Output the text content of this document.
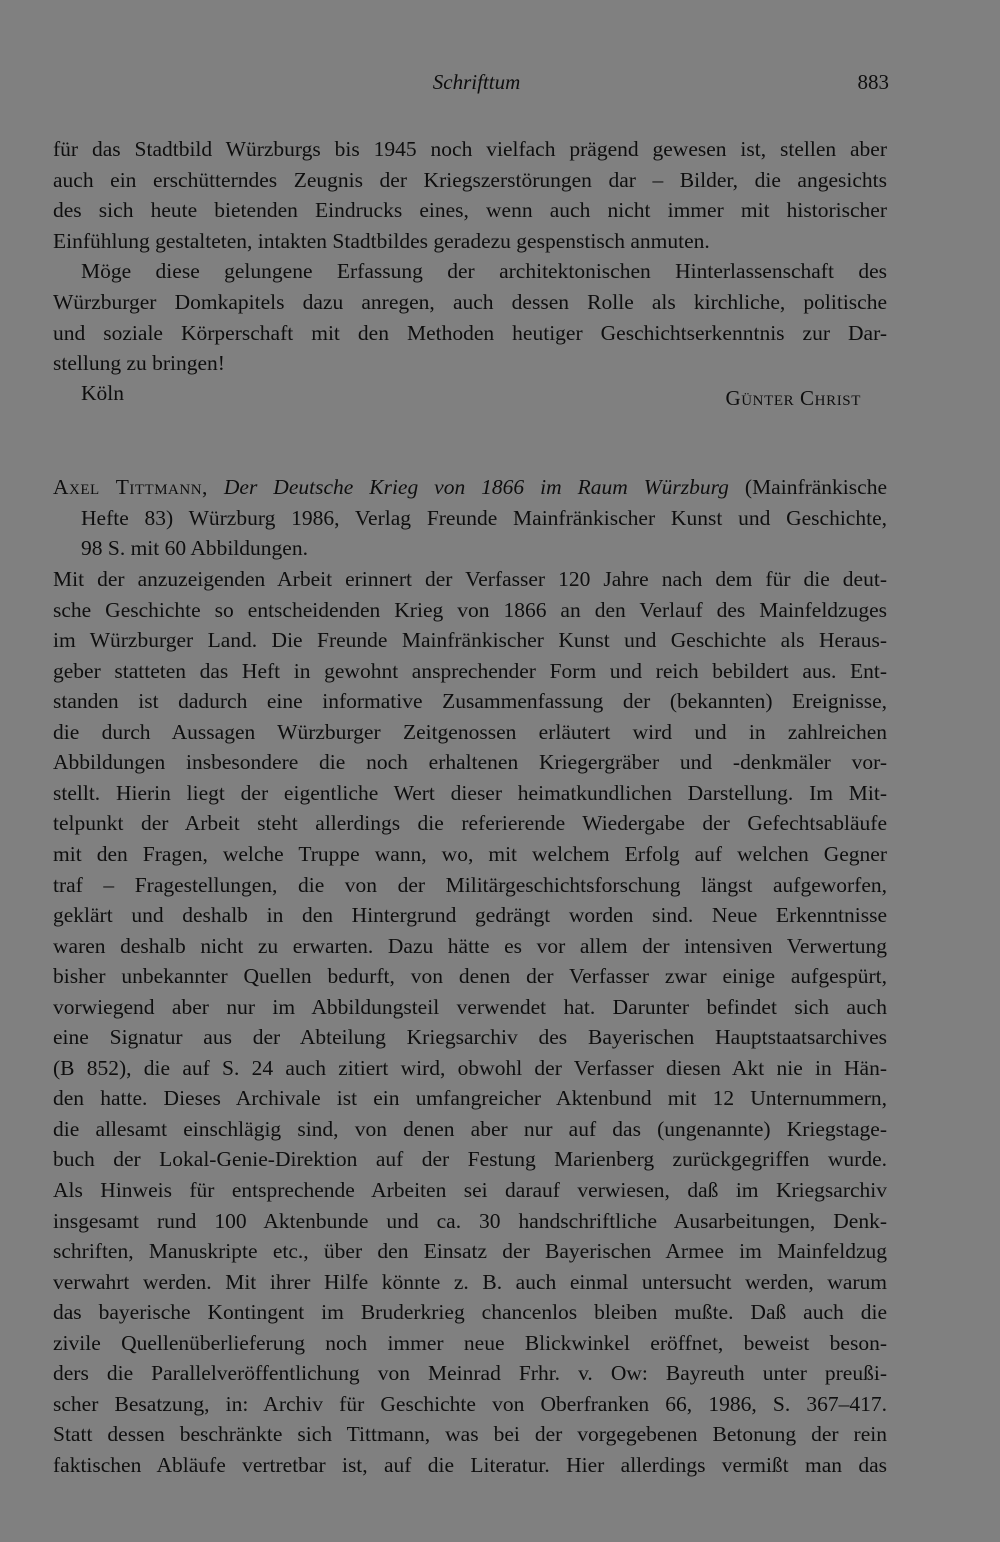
Schrifttum	883
für das Stadtbild Würzburgs bis 1945 noch vielfach prägend gewesen ist, stellen aber
auch ein erschütterndes Zeugnis der Kriegszerstörungen dar – Bilder, die angesichts
des sich heute bietenden Eindrucks eines, wenn auch nicht immer mit historischer
Einfühlung gestalteten, intakten Stadtbildes geradezu gespenstisch anmuten.
Möge diese gelungene Erfassung der architektonischen Hinterlassenschaft des
Würzburger Domkapitels dazu anregen, auch dessen Rolle als kirchliche, politische
und soziale Körperschaft mit den Methoden heutiger Geschichtserkenntnis zur Dar-
stellung zu bringen!
Köln	Günter Christ
Axel Tittmann, Der Deutsche Krieg von 1866 im Raum Würzburg (Mainfränkische
Hefte 83) Würzburg 1986, Verlag Freunde Mainfränkischer Kunst und Geschichte,
98 S. mit 60 Abbildungen.
Mit der anzuzeigenden Arbeit erinnert der Verfasser 120 Jahre nach dem für die deut-
sche Geschichte so entscheidenden Krieg von 1866 an den Verlauf des Mainfeldzuges
im Würzburger Land. Die Freunde Mainfränkischer Kunst und Geschichte als Heraus-
geber statteten das Heft in gewohnt ansprechender Form und reich bebildert aus. Ent-
standen ist dadurch eine informative Zusammenfassung der (bekannten) Ereignisse,
die durch Aussagen Würzburger Zeitgenossen erläutert wird und in zahlreichen
Abbildungen insbesondere die noch erhaltenen Kriegergräber und -denkmäler vor-
stellt. Hierin liegt der eigentliche Wert dieser heimatkundlichen Darstellung. Im Mit-
telpunkt der Arbeit steht allerdings die referierende Wiedergabe der Gefechtsabläufe
mit den Fragen, welche Truppe wann, wo, mit welchem Erfolg auf welchen Gegner
traf – Fragestellungen, die von der Militärgeschichtsforschung längst aufgeworfen,
geklärt und deshalb in den Hintergrund gedrängt worden sind. Neue Erkenntnisse
waren deshalb nicht zu erwarten. Dazu hätte es vor allem der intensiven Verwertung
bisher unbekannter Quellen bedurft, von denen der Verfasser zwar einige aufgespürt,
vorwiegend aber nur im Abbildungsteil verwendet hat. Darunter befindet sich auch
eine Signatur aus der Abteilung Kriegsarchiv des Bayerischen Hauptstaatsarchives
(B 852), die auf S. 24 auch zitiert wird, obwohl der Verfasser diesen Akt nie in Hän-
den hatte. Dieses Archivale ist ein umfangreicher Aktenbund mit 12 Unternummern,
die allesamt einschlägig sind, von denen aber nur auf das (ungenannte) Kriegstage-
buch der Lokal-Genie-Direktion auf der Festung Marienberg zurückgegriffen wurde.
Als Hinweis für entsprechende Arbeiten sei darauf verwiesen, daß im Kriegsarchiv
insgesamt rund 100 Aktenbunde und ca. 30 handschriftliche Ausarbeitungen, Denk-
schriften, Manuskripte etc., über den Einsatz der Bayerischen Armee im Mainfeldzug
verwahrt werden. Mit ihrer Hilfe könnte z. B. auch einmal untersucht werden, warum
das bayerische Kontingent im Bruderkrieg chancenlos bleiben mußte. Daß auch die
zivile Quellenüberlieferung noch immer neue Blickwinkel eröffnet, beweist beson-
ders die Parallelveröffentlichung von Meinrad Frhr. v. Ow: Bayreuth unter preußi-
scher Besatzung, in: Archiv für Geschichte von Oberfranken 66, 1986, S. 367–417.
Statt dessen beschränkte sich Tittmann, was bei der vorgegebenen Betonung der rein
faktischen Abläufe vertretbar ist, auf die Literatur. Hier allerdings vermißt man das
